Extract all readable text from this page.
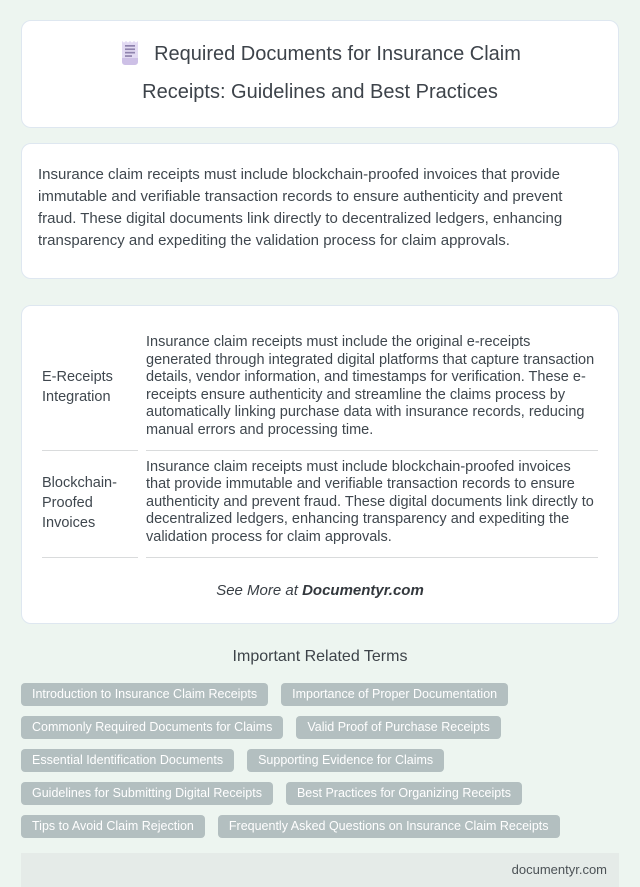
Required Documents for Insurance Claim Receipts: Guidelines and Best Practices

Insurance claim receipts must include blockchain-proofed invoices that provide immutable and verifiable transaction records to ensure authenticity and prevent fraud. These digital documents link directly to decentralized ledgers, enhancing transparency and expediting the validation process for claim approvals.

E-Receipts Integration	Insurance claim receipts must include the original e-receipts generated through integrated digital platforms that capture transaction details, vendor information, and timestamps for verification. These e-receipts ensure authenticity and streamline the claims process by automatically linking purchase data with insurance records, reducing manual errors and processing time.
Blockchain-Proofed Invoices	Insurance claim receipts must include blockchain-proofed invoices that provide immutable and verifiable transaction records to ensure authenticity and prevent fraud. These digital documents link directly to decentralized ledgers, enhancing transparency and expediting the validation process for claim approvals.

See More at Documentyr.com

Important Related Terms
Introduction to Insurance Claim Receipts	Importance of Proper Documentation
Commonly Required Documents for Claims	Valid Proof of Purchase Receipts
Essential Identification Documents	Supporting Evidence for Claims
Guidelines for Submitting Digital Receipts	Best Practices for Organizing Receipts
Tips to Avoid Claim Rejection	Frequently Asked Questions on Insurance Claim Receipts
documentyr.com
